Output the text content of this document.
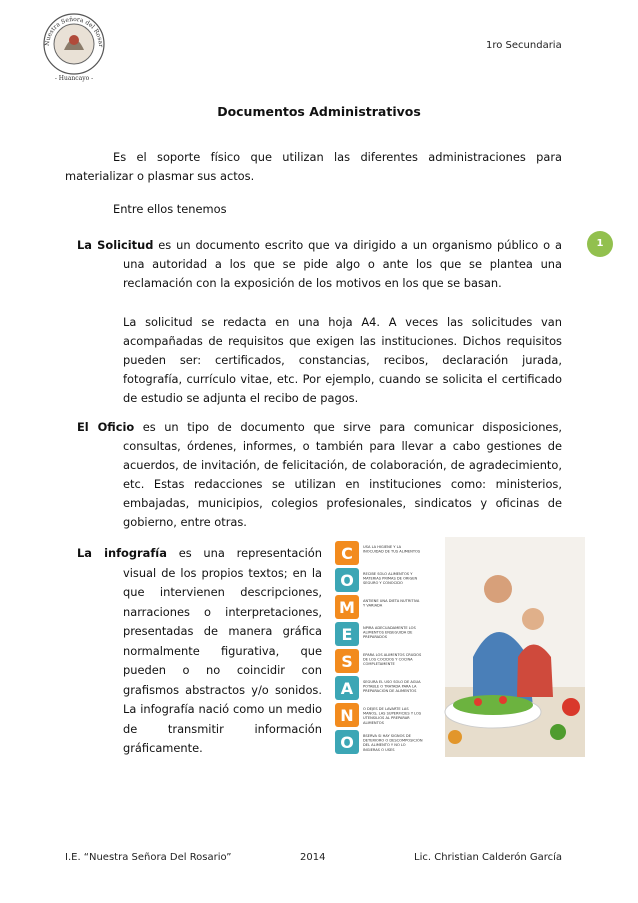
Nuestra Señora del Rosar
- Huancayo -
1ro Secundaria
1
Documentos Administrativos
Es el soporte físico que utilizan las diferentes administraciones para materializar o plasmar sus actos.
Entre ellos tenemos
La Solicitud es un documento escrito que va dirigido a un organismo público o a una autoridad a los que se pide algo o ante los que se plantea una reclamación con la exposición de los motivos en los que se basan.
La solicitud se redacta en una hoja A4. A veces las solicitudes van acompañadas de requisitos que exigen las instituciones. Dichos requisitos pueden ser: certificados, constancias, recibos, declaración jurada, fotografía, currículo vitae, etc. Por ejemplo, cuando se solicita el certificado de estudio se adjunta el recibo de pagos.
El Oficio es un tipo de documento que sirve para comunicar disposiciones, consultas, órdenes, informes, o también para llevar a cabo gestiones de acuerdos, de invitación, de felicitación, de colaboración, de agradecimiento, etc. Estas redacciones se utilizan en instituciones como: ministerios, embajadas, municipios, colegios profesionales, sindicatos y oficinas de gobierno, entre otras.
La infografía es una representación visual de los propios textos; en la que intervienen descripciones, narraciones o interpretaciones, presentadas de manera gráfica normalmente figurativa, que pueden o no coincidir con grafismos abstractos y/o sonidos. La infografía nació como un medio de transmitir información gráficamente.
C
O
M
E
S
A
N
O
USA LA HIGIENE Y LA INOCUIDAD DE TUS ALIMENTOS
RECIBE SOLO ALIMENTOS Y MATERIAS PRIMAS DE ORIGEN SEGURO Y CONOCIDO
ANTIENE UNA DIETA NUTRITIVA Y VARIADA
NPIRA ADECUADAMENTE LOS ALIMENTOS ENSEGUIDA DE PREPARADOS
EPARA LOS ALIMENTOS CRUDOS DE LOS COCIDOS Y COCINA COMPLETAMENTE
SEGURA EL USO SOLO DE AGUA POTABLE O TRATADA PARA LA PREPARACIÓN DE ALIMENTOS
O DEJES DE LAVARTE LAS MANOS, LAS SUPERFICIES Y LOS UTENSILIOS AL PREPARAR ALIMENTOS
BSERVA SI HAY SIGNOS DE DETERIORO O DESCOMPOSICIÓN DEL ALIMENTO Y NO LO INGIERAS O USES
I.E. “Nuestra Señora Del Rosario”	2014	Lic. Christian Calderón García
